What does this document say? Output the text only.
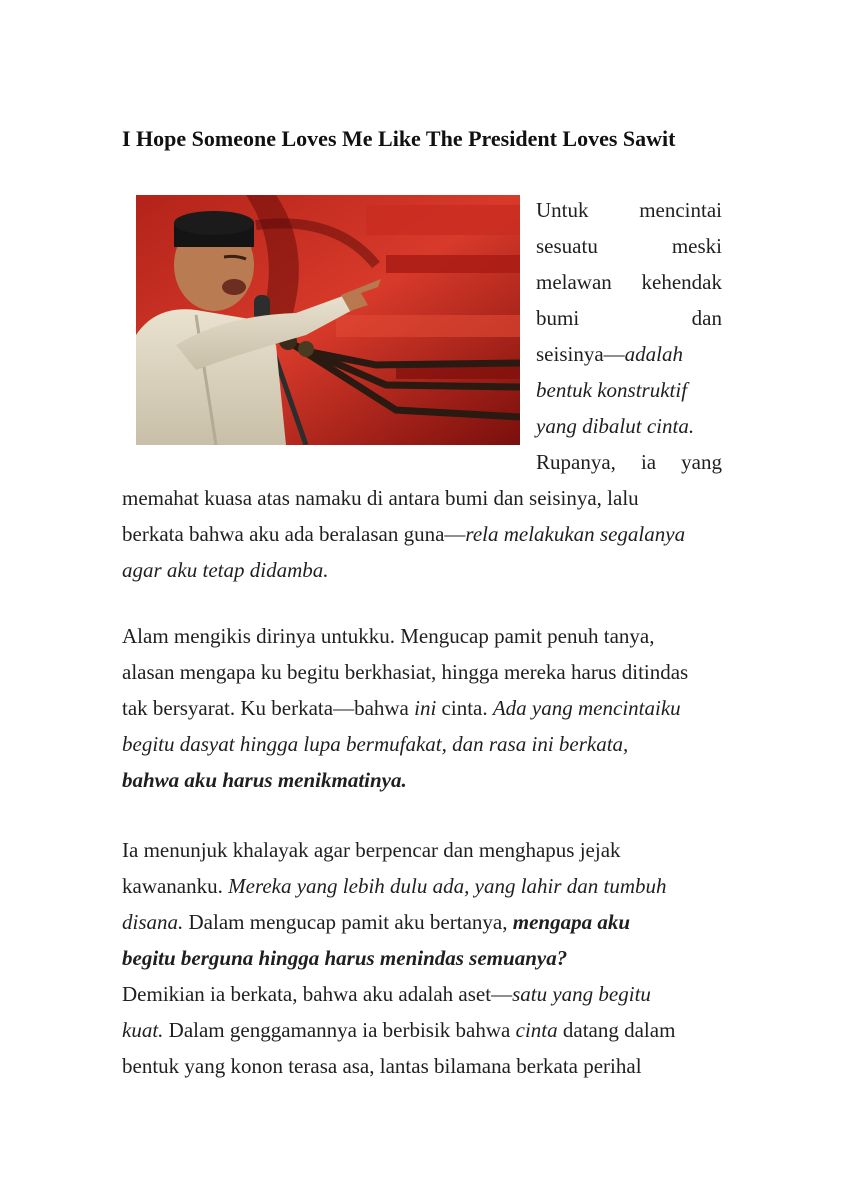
I Hope Someone Loves Me Like The President Loves Sawit
Untuk mencintai
sesuatu	meski
melawan kehendak
bumi	dan
seisinya—adalah
bentuk konstruktif
yang dibalut cinta.
Rupanya, ia yang
memahat kuasa atas namaku di antara bumi dan seisinya, lalu
berkata bahwa aku ada beralasan guna—rela melakukan segalanya
agar aku tetap didamba.
Alam mengikis dirinya untukku. Mengucap pamit penuh tanya,
alasan mengapa ku begitu berkhasiat, hingga mereka harus ditindas
tak bersyarat. Ku berkata—bahwa ini cinta. Ada yang mencintaiku
begitu dasyat hingga lupa bermufakat, dan rasa ini berkata,
bahwa aku harus menikmatinya.
Ia menunjuk khalayak agar berpencar dan menghapus jejak
kawananku. Mereka yang lebih dulu ada, yang lahir dan tumbuh
disana. Dalam mengucap pamit aku bertanya, mengapa aku
begitu berguna hingga harus menindas semuanya?
Demikian ia berkata, bahwa aku adalah aset—satu yang begitu
kuat. Dalam genggamannya ia berbisik bahwa cinta datang dalam
bentuk yang konon terasa asa, lantas bilamana berkata perihal
